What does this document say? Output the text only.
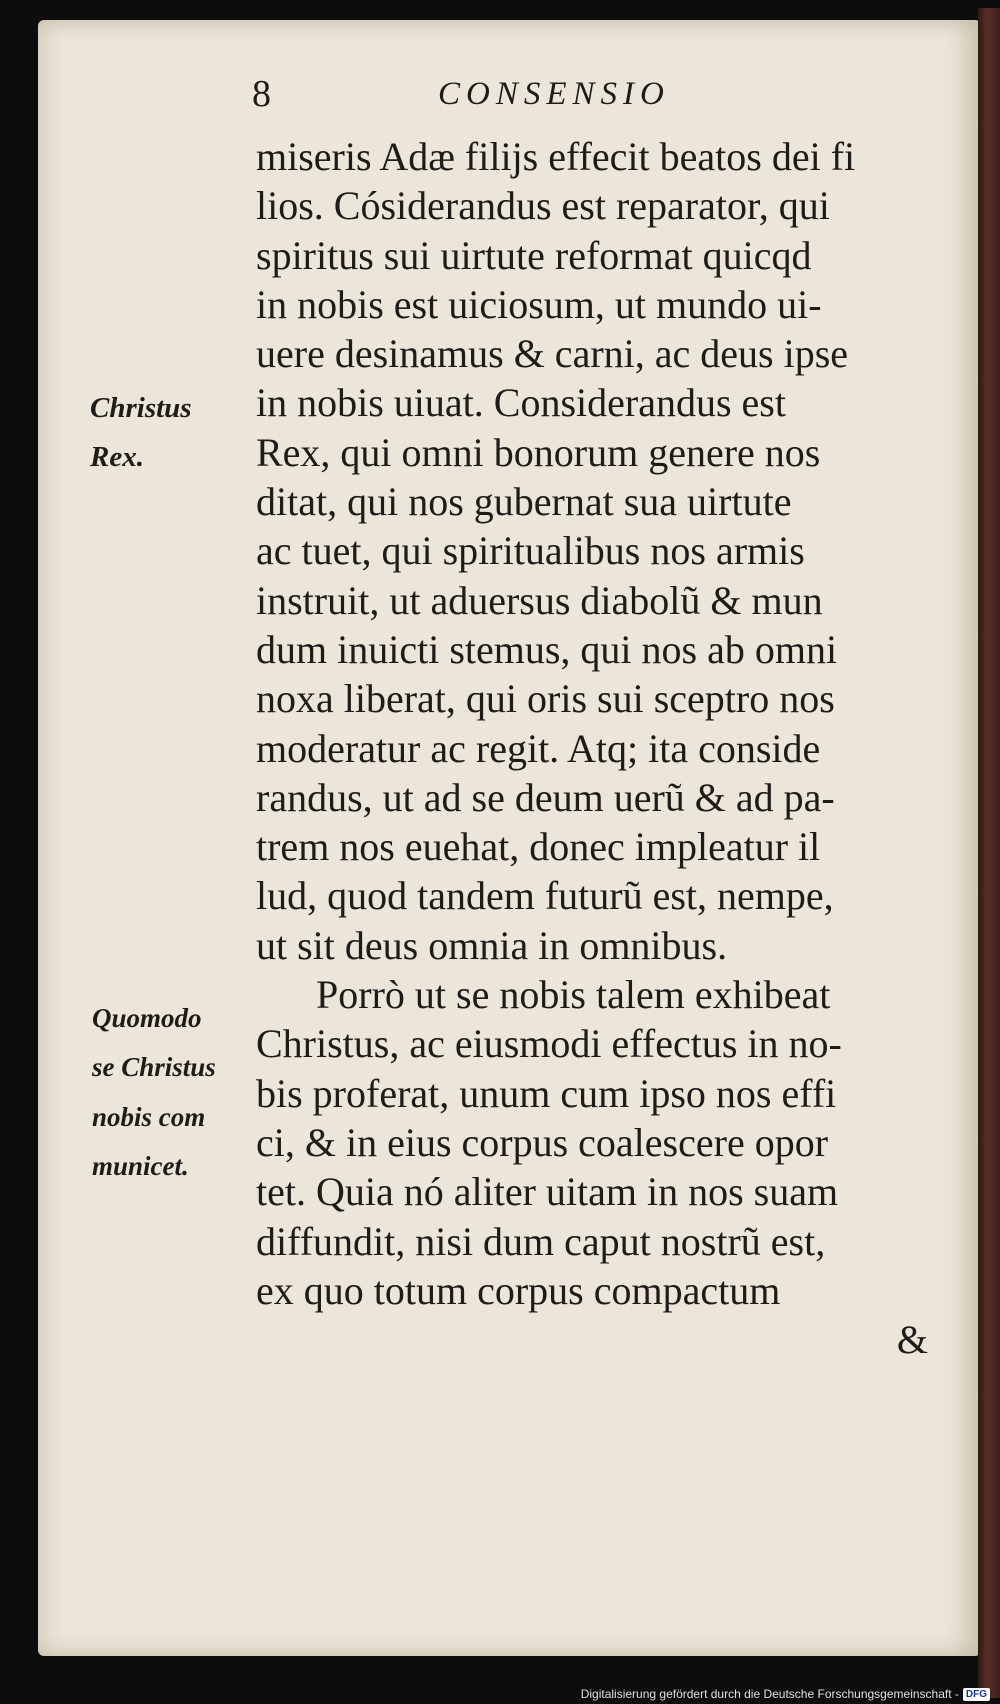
8	CONSENSIO
Christus
Rex.
Quomodo
se Christus
nobis com
municet.
miseris Adæ filijs effecit beatos dei fi
lios. Cósiderandus est reparator, qui
spiritus sui uirtute reformat quicqd
in nobis est uiciosum, ut mundo ui-
uere desinamus & carni, ac deus ipse
in nobis uiuat. Considerandus est
Rex, qui omni bonorum genere nos
ditat, qui nos gubernat sua uirtute
ac tuet, qui spiritualibus nos armis
instruit, ut aduersus diabolũ & mun
dum inuicti stemus, qui nos ab omni
noxa liberat, qui oris sui sceptro nos
moderatur ac regit. Atq; ita conside
randus, ut ad se deum uerũ & ad pa-
trem nos euehat, donec impleatur il
lud, quod tandem futurũ est, nempe,
ut sit deus omnia in omnibus.
Porrò ut se nobis talem exhibeat
Christus, ac eiusmodi effectus in no-
bis proferat, unum cum ipso nos effi
ci, & in eius corpus coalescere opor
tet. Quia nó aliter uitam in nos suam
diffundit, nisi dum caput nostrũ est,
ex quo totum corpus compactum
&
Digitalisierung gefördert durch die Deutsche Forschungsgemeinschaft - DFG
